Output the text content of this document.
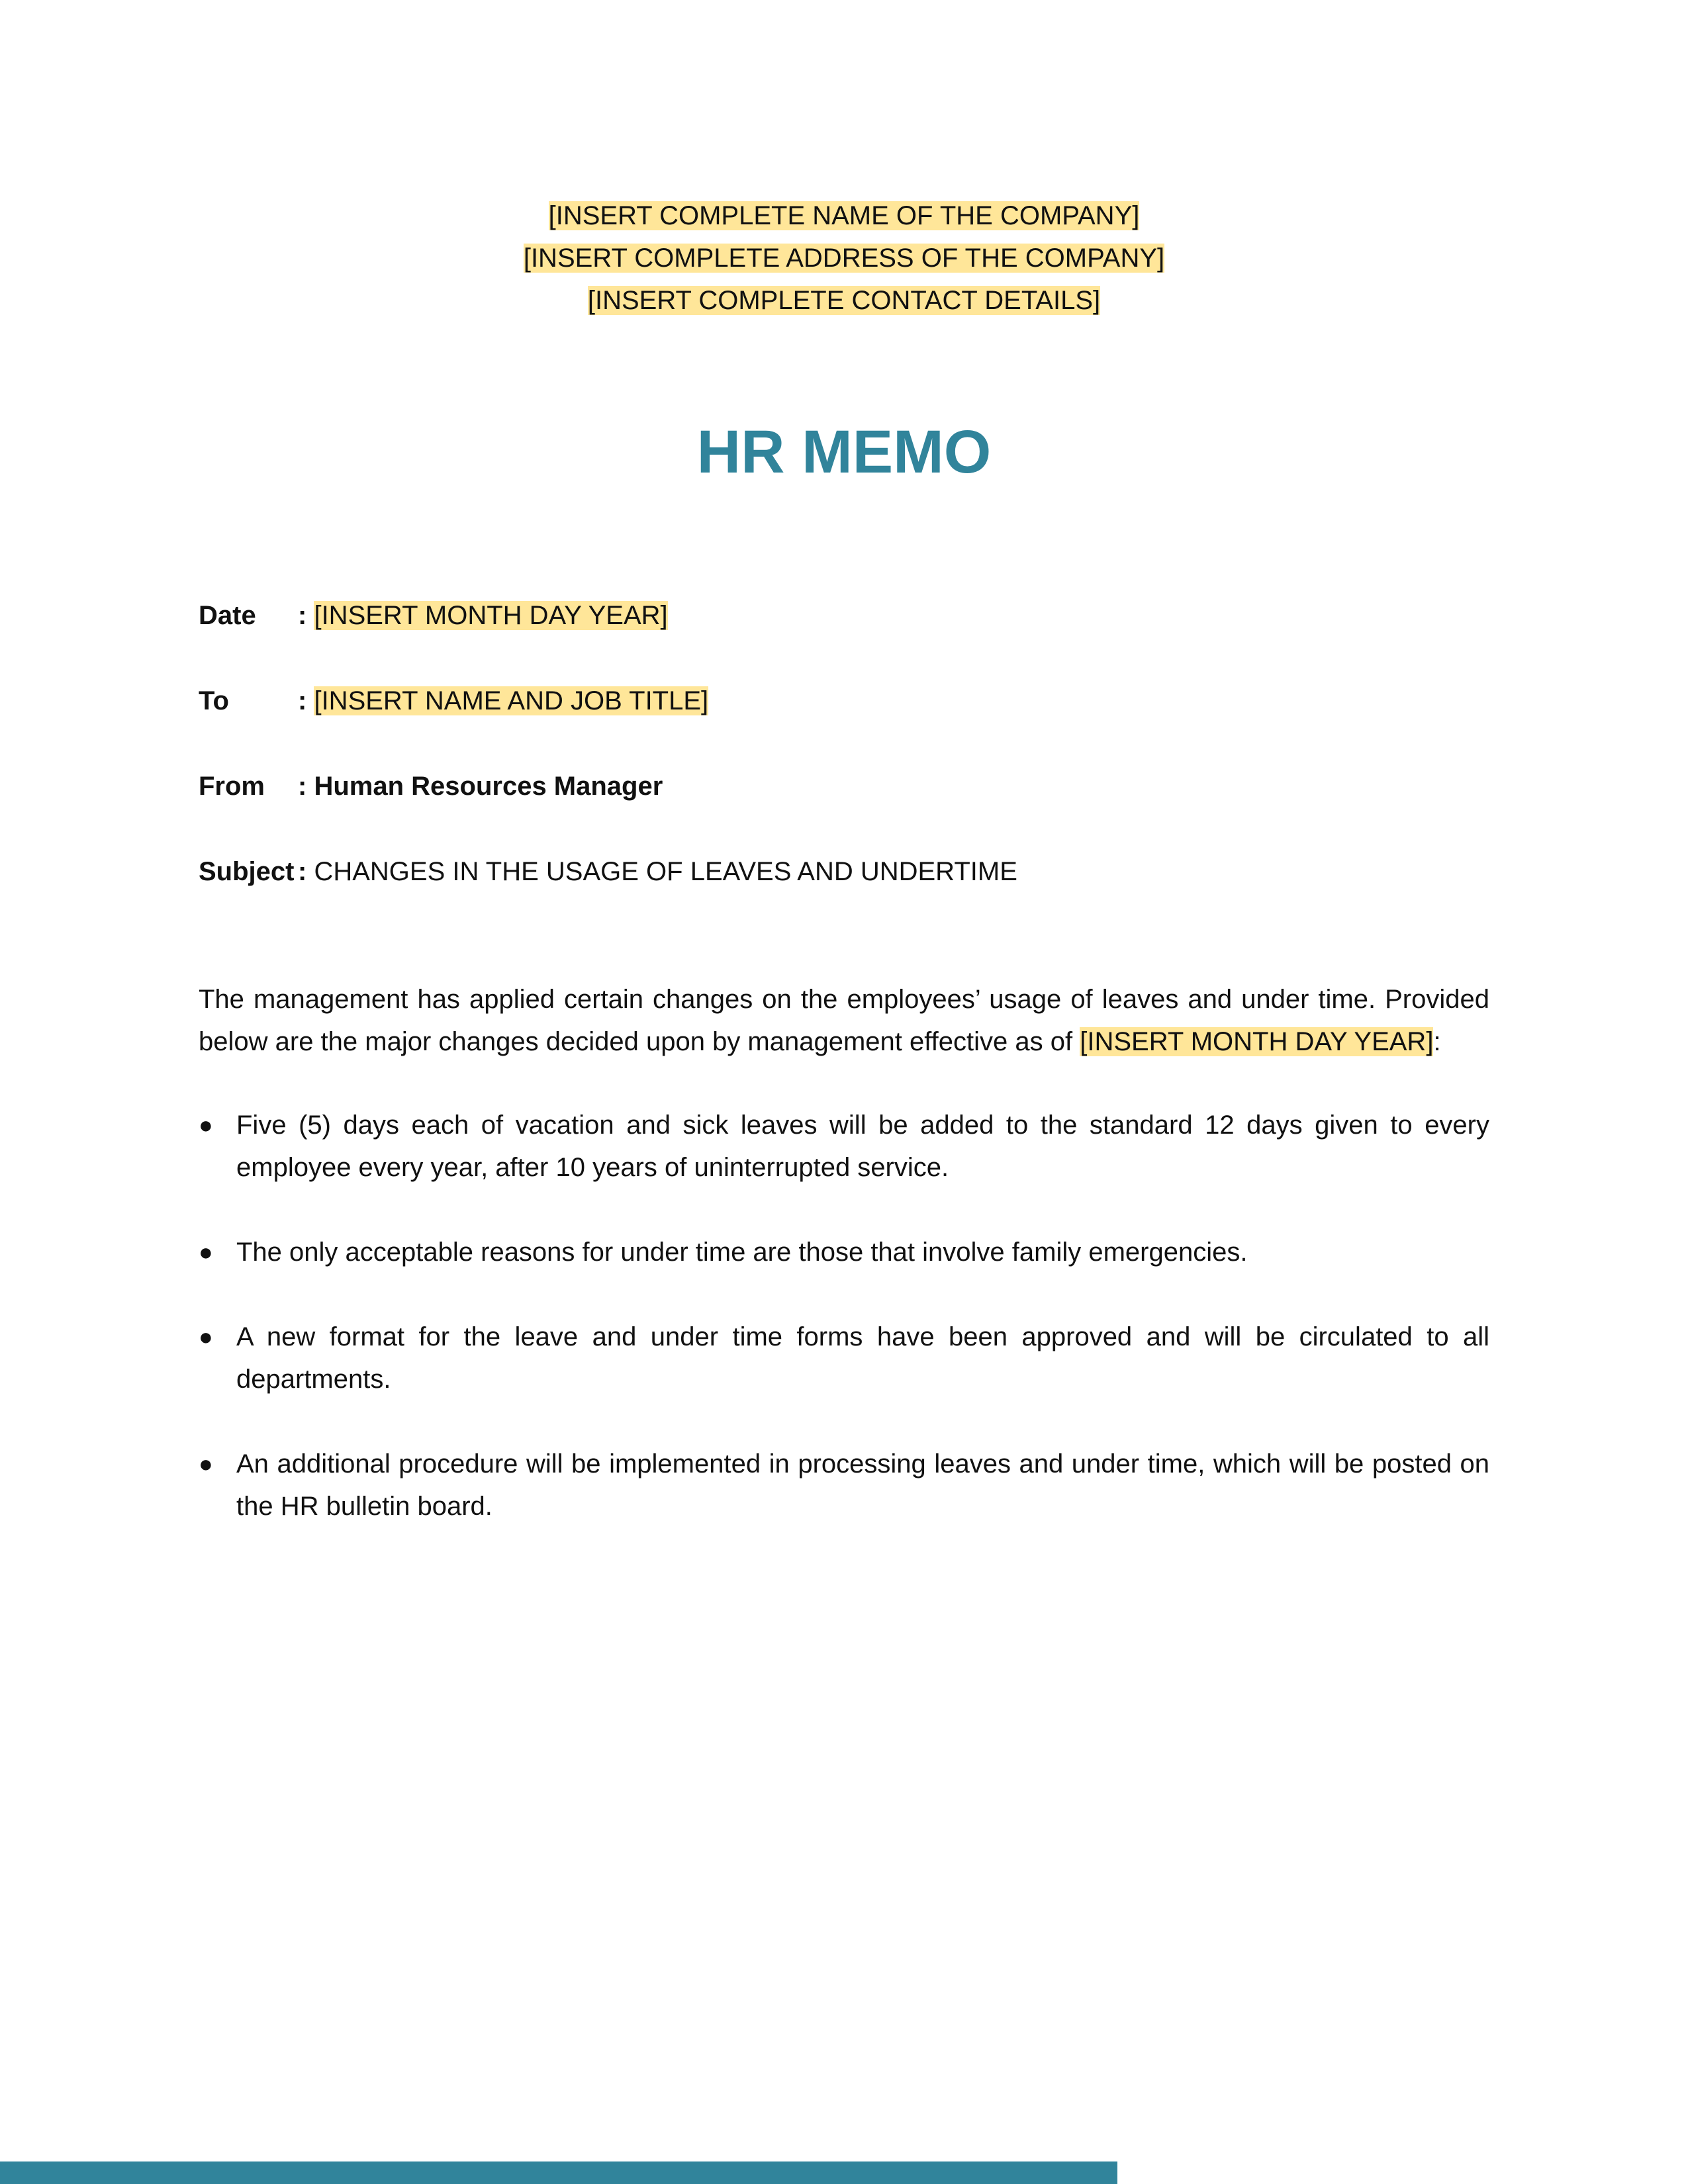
[INSERT COMPLETE NAME OF THE COMPANY]
[INSERT COMPLETE ADDRESS OF THE COMPANY]
[INSERT COMPLETE CONTACT DETAILS]
HR MEMO
Date : [INSERT MONTH DAY YEAR]
To	: [INSERT NAME AND JOB TITLE]
From : Human Resources Manager
Subject : CHANGES IN THE USAGE OF LEAVES AND UNDERTIME
The management has applied certain changes on the employees’ usage of leaves and under time. Provided below are the major changes decided upon by management effective as of [INSERT MONTH DAY YEAR]:
● Five (5) days each of vacation and sick leaves will be added to the standard 12 days given to every employee every year, after 10 years of uninterrupted service.
● The only acceptable reasons for under time are those that involve family emergencies.
● A new format for the leave and under time forms have been approved and will be circulated to all departments.
● An additional procedure will be implemented in processing leaves and under time, which will be posted on the HR bulletin board.
